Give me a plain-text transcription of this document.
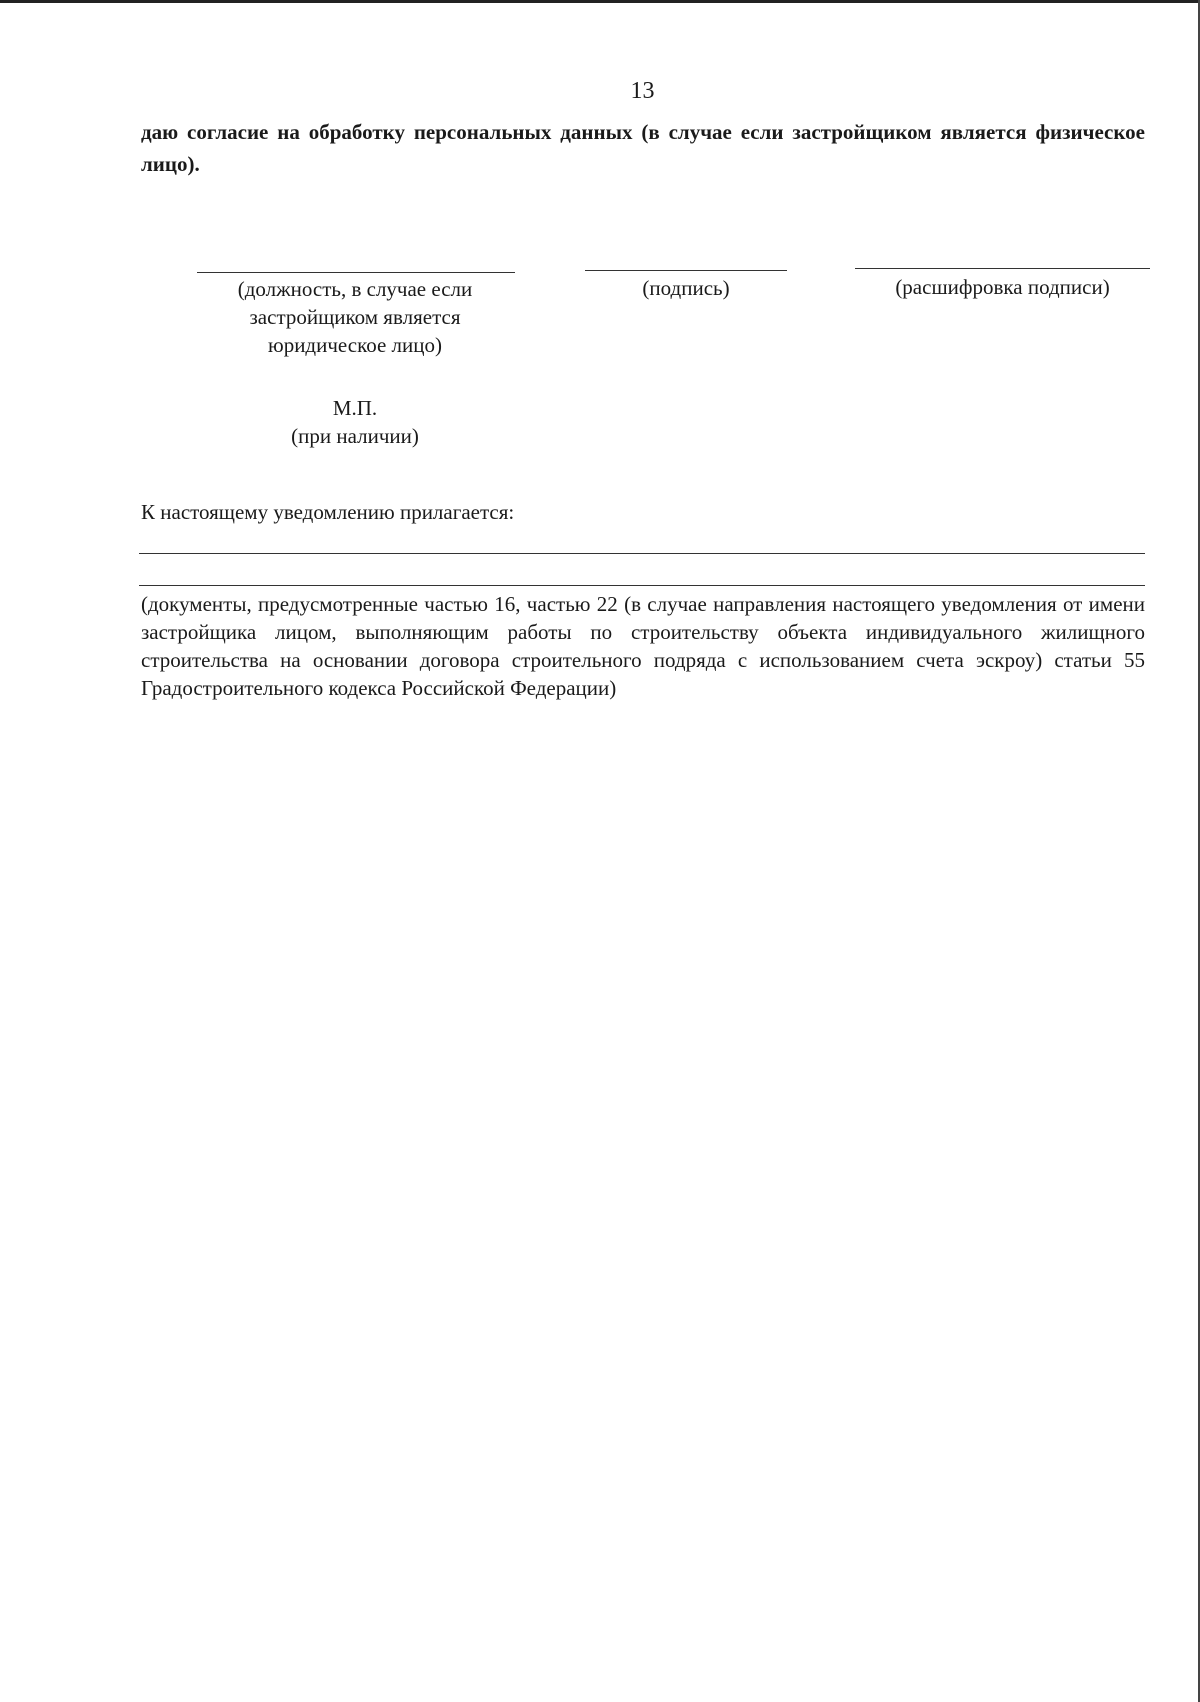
13
даю согласие на обработку персональных данных (в случае если застройщиком является физическое лицо).
(должность, в случае если застройщиком является юридическое лицо)
(подпись)	(расшифровка подписи)
М.П.
(при наличии)
К настоящему уведомлению прилагается:
(документы, предусмотренные частью 16, частью 22 (в случае направления настоящего уведомления от имени застройщика лицом, выполняющим работы по строительству объекта индивидуального жилищного строительства на основании договора строительного подряда с использованием счета эскроу) статьи 55 Градостроительного кодекса Российской Федерации)
